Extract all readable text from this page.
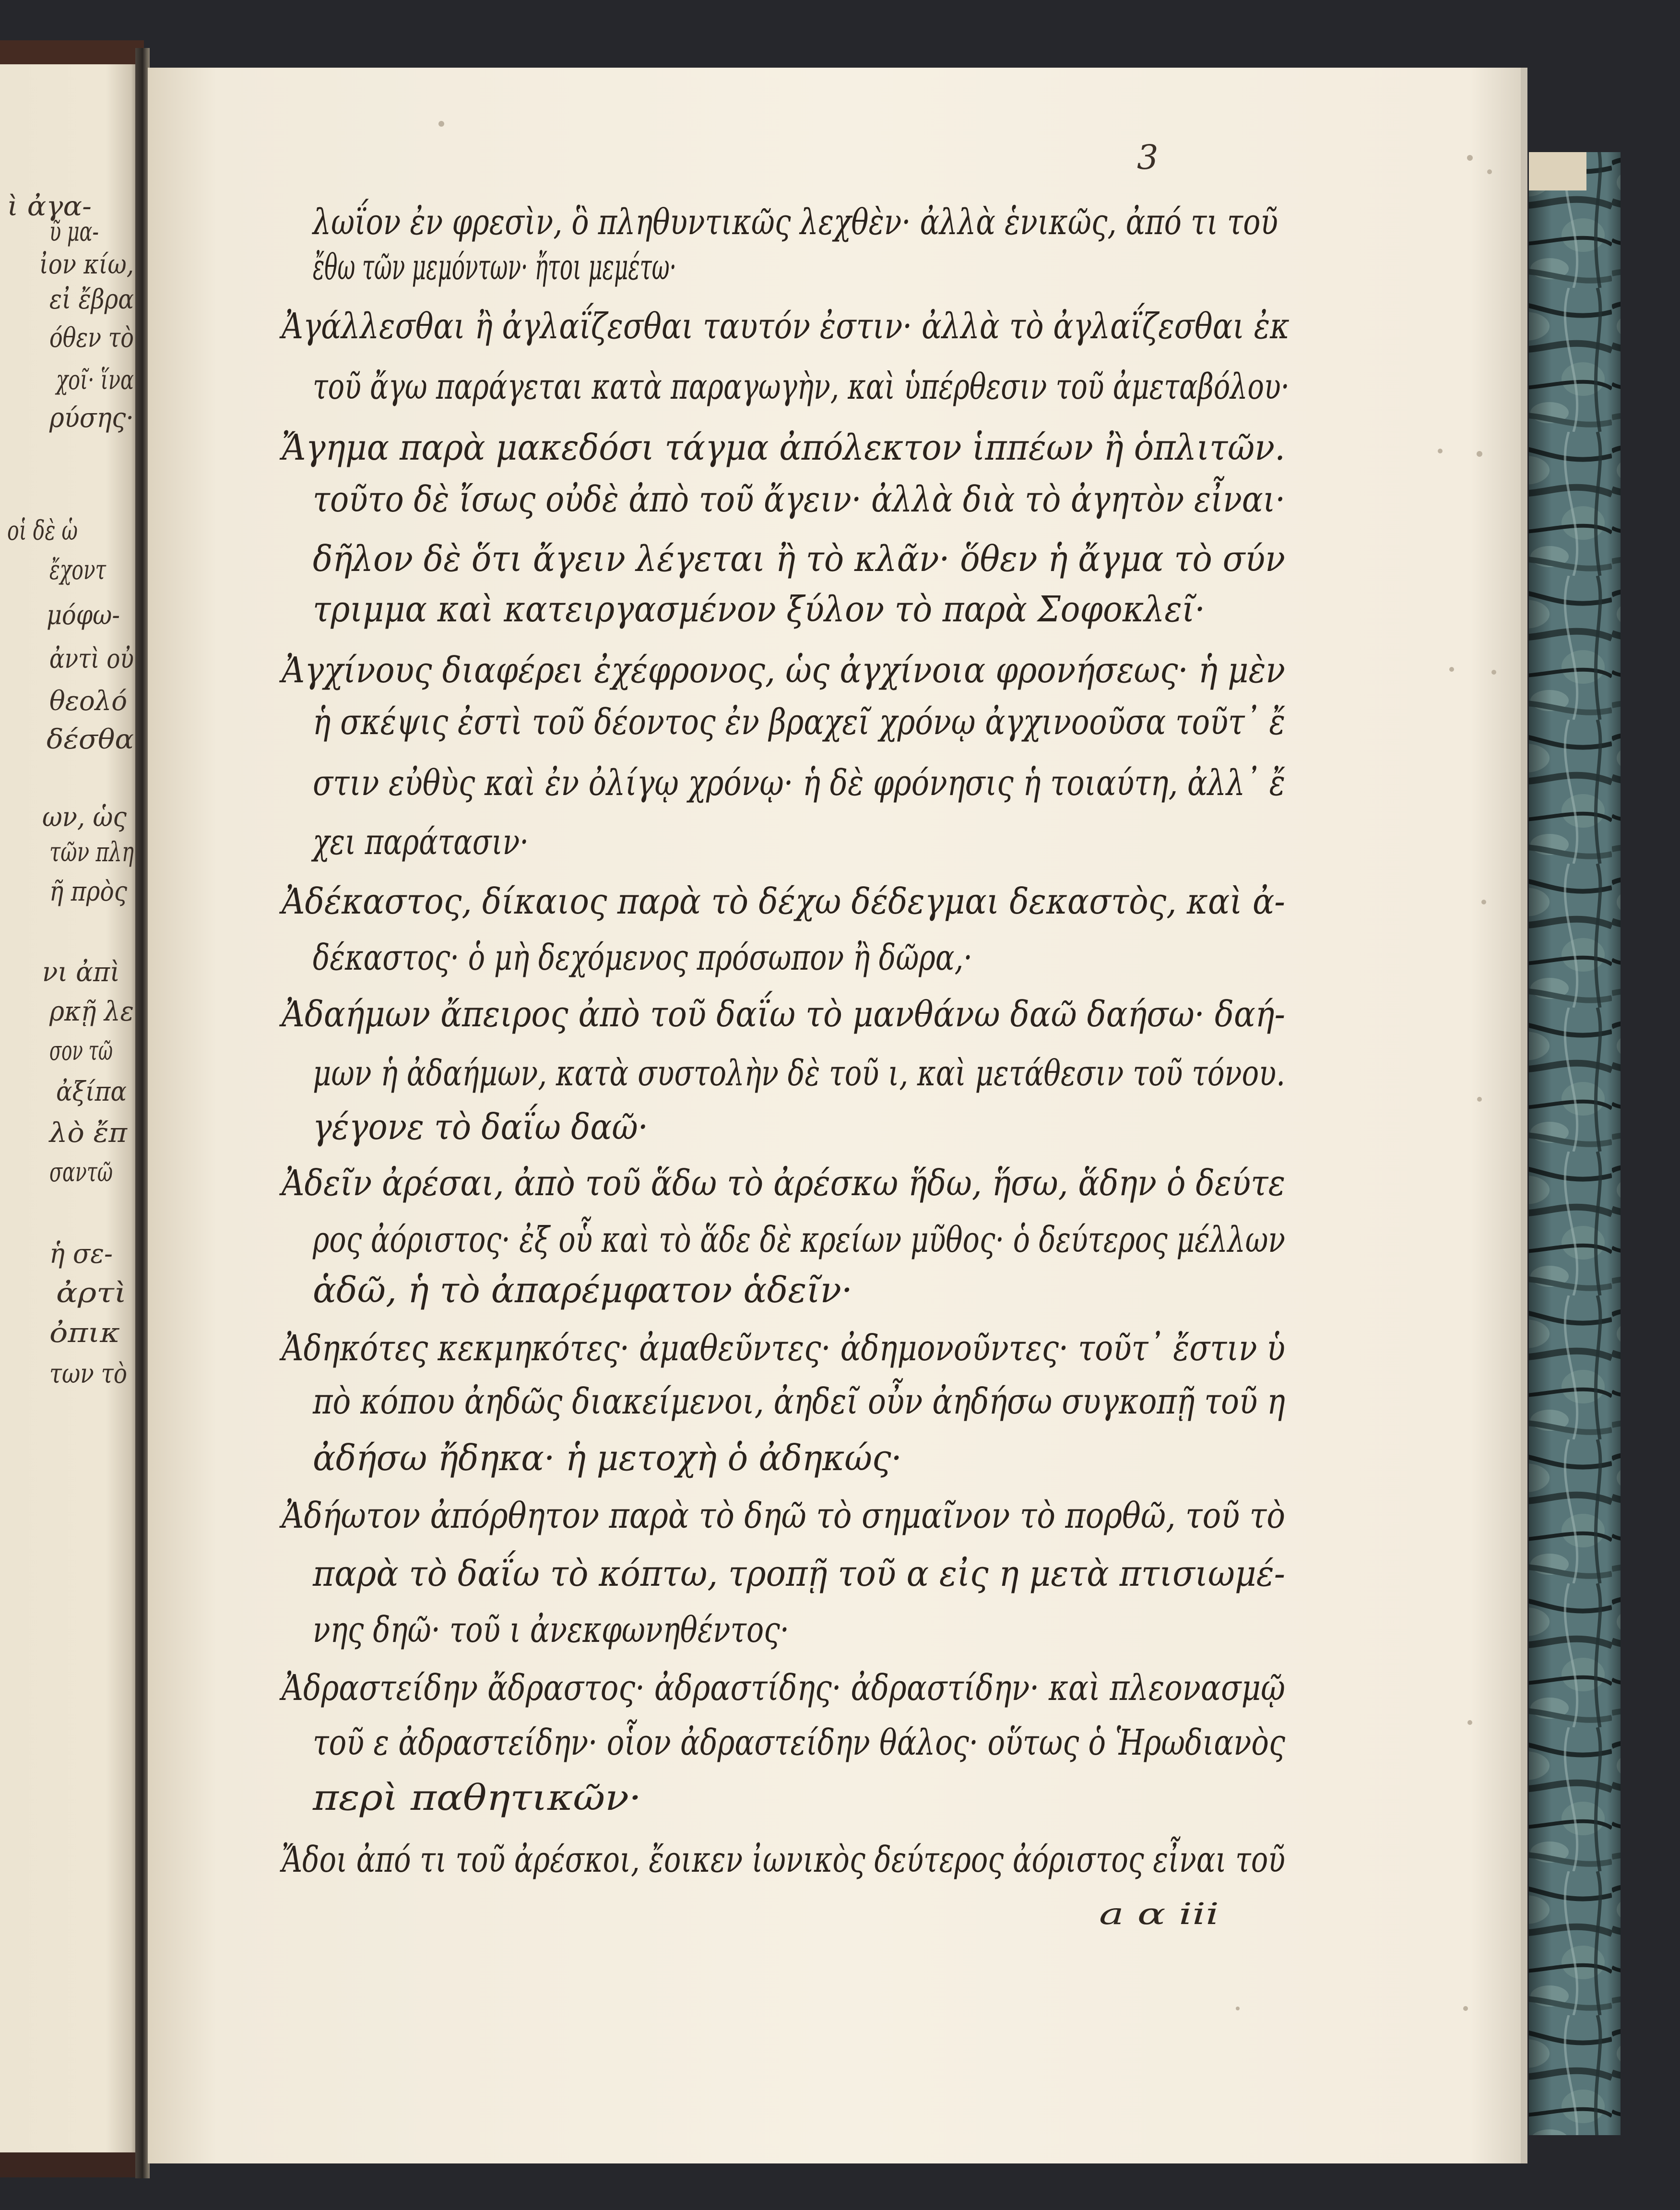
3
λωΐον ἐν φρεσὶν, ὃ πληθυντικῶς λεχθὲν· ἀλλὰ ἑνικῶς, ἀπό τι τοῦ
ἔθω τῶν μεμόντων· ἤτοι μεμέτω·
Ἀγάλλεσθαι ἢ ἀγλαΐζεσθαι ταυτόν ἐστιν· ἀλλὰ τὸ ἀγλαΐζεσθαι ἐκ
τοῦ ἄγω παράγεται κατὰ παραγωγὴν, καὶ ὑπέρθεσιν τοῦ ἀμεταβόλου·
Ἄγημα παρὰ μακεδόσι τάγμα ἀπόλεκτον ἱππέων ἢ ὁπλιτῶν.
τοῦτο δὲ ἴσως οὐδὲ ἀπὸ τοῦ ἄγειν· ἀλλὰ διὰ τὸ ἀγητὸν εἶναι·
δῆλον δὲ ὅτι ἄγειν λέγεται ἢ τὸ κλᾶν· ὅθεν ἡ ἄγμα τὸ σύν
τριμμα καὶ κατειργασμένον ξύλον τὸ παρὰ Σοφοκλεῖ·
Ἀγχίνους διαφέρει ἐχέφρονος, ὡς ἀγχίνοια φρονήσεως· ἡ μὲν
ἡ σκέψις ἐστὶ τοῦ δέοντος ἐν βραχεῖ χρόνῳ ἀγχινοοῦσα τοῦτ᾽ ἔ
στιν εὐθὺς καὶ ἐν ὀλίγῳ χρόνῳ· ἡ δὲ φρόνησις ἡ τοιαύτη, ἀλλ᾽ ἔ
χει παράτασιν·
Ἀδέκαστος, δίκαιος παρὰ τὸ δέχω δέδεγμαι δεκαστὸς, καὶ ἀ-
δέκαστος· ὁ μὴ δεχόμενος πρόσωπον ἢ δῶρα,·
Ἀδαήμων ἄπειρος ἀπὸ τοῦ δαΐω τὸ μανθάνω δαῶ δαήσω· δαή-
μων ἡ ἀδαήμων, κατὰ συστολὴν δὲ τοῦ ι, καὶ μετάθεσιν τοῦ τόνου.
γέγονε τὸ δαΐω δαῶ·
Ἀδεῖν ἀρέσαι, ἀπὸ τοῦ ἅδω τὸ ἀρέσκω ἥδω, ἥσω, ἅδην ὁ δεύτε
ρος ἀόριστος· ἐξ οὗ καὶ τὸ ἅδε δὲ κρείων μῦθος· ὁ δεύτερος μέλλων
ἁδῶ, ἡ τὸ ἀπαρέμφατον ἁδεῖν·
Ἀδηκότες κεκμηκότες· ἀμαθεῦντες· ἀδημονοῦντες· τοῦτ᾽ ἔστιν ὑ
πὸ κόπου ἀηδῶς διακείμενοι, ἀηδεῖ οὖν ἀηδήσω συγκοπῇ τοῦ η
ἀδήσω ἤδηκα· ἡ μετοχὴ ὁ ἀδηκώς·
Ἀδήωτον ἀπόρθητον παρὰ τὸ δηῶ τὸ σημαῖνον τὸ πορθῶ, τοῦ τὸ
παρὰ τὸ δαΐω τὸ κόπτω, τροπῇ τοῦ α εἰς η μετὰ πτισιωμέ-
νης δηῶ· τοῦ ι ἀνεκφωνηθέντος·
Ἀδραστείδην ἄδραστος· ἀδραστίδης· ἀδραστίδην· καὶ πλεονασμῷ
τοῦ ε ἀδραστείδην· οἷον ἀδραστείδην θάλος· οὕτως ὁ Ἡρωδιανὸς
περὶ παθητικῶν·
Ἄδοι ἀπό τι τοῦ ἀρέσκοι, ἔοικεν ἰωνικὸς δεύτερος ἀόριστος εἶναι τοῦ
a α iii
ὶ ἀγα-
ῦ μα-
ἰον κίω,
εἰ ἔβρα
όθεν τὸ
χοῖ· ἵνα
ρύσης·
οἱ δὲ ὡ
ἔχοντ
μόφω-
ἀντὶ οὐ
θεολό
δέσθα
ων, ὡς
τῶν πλη
ῆ πρὸς
νι ἀπὶ
ρκῇ λε
σον τῶ
ἀξίπα
λὸ ἔπ
σαντῶ
ἡ σε-
ἀρτὶ
ὀπικ
των τὸ
